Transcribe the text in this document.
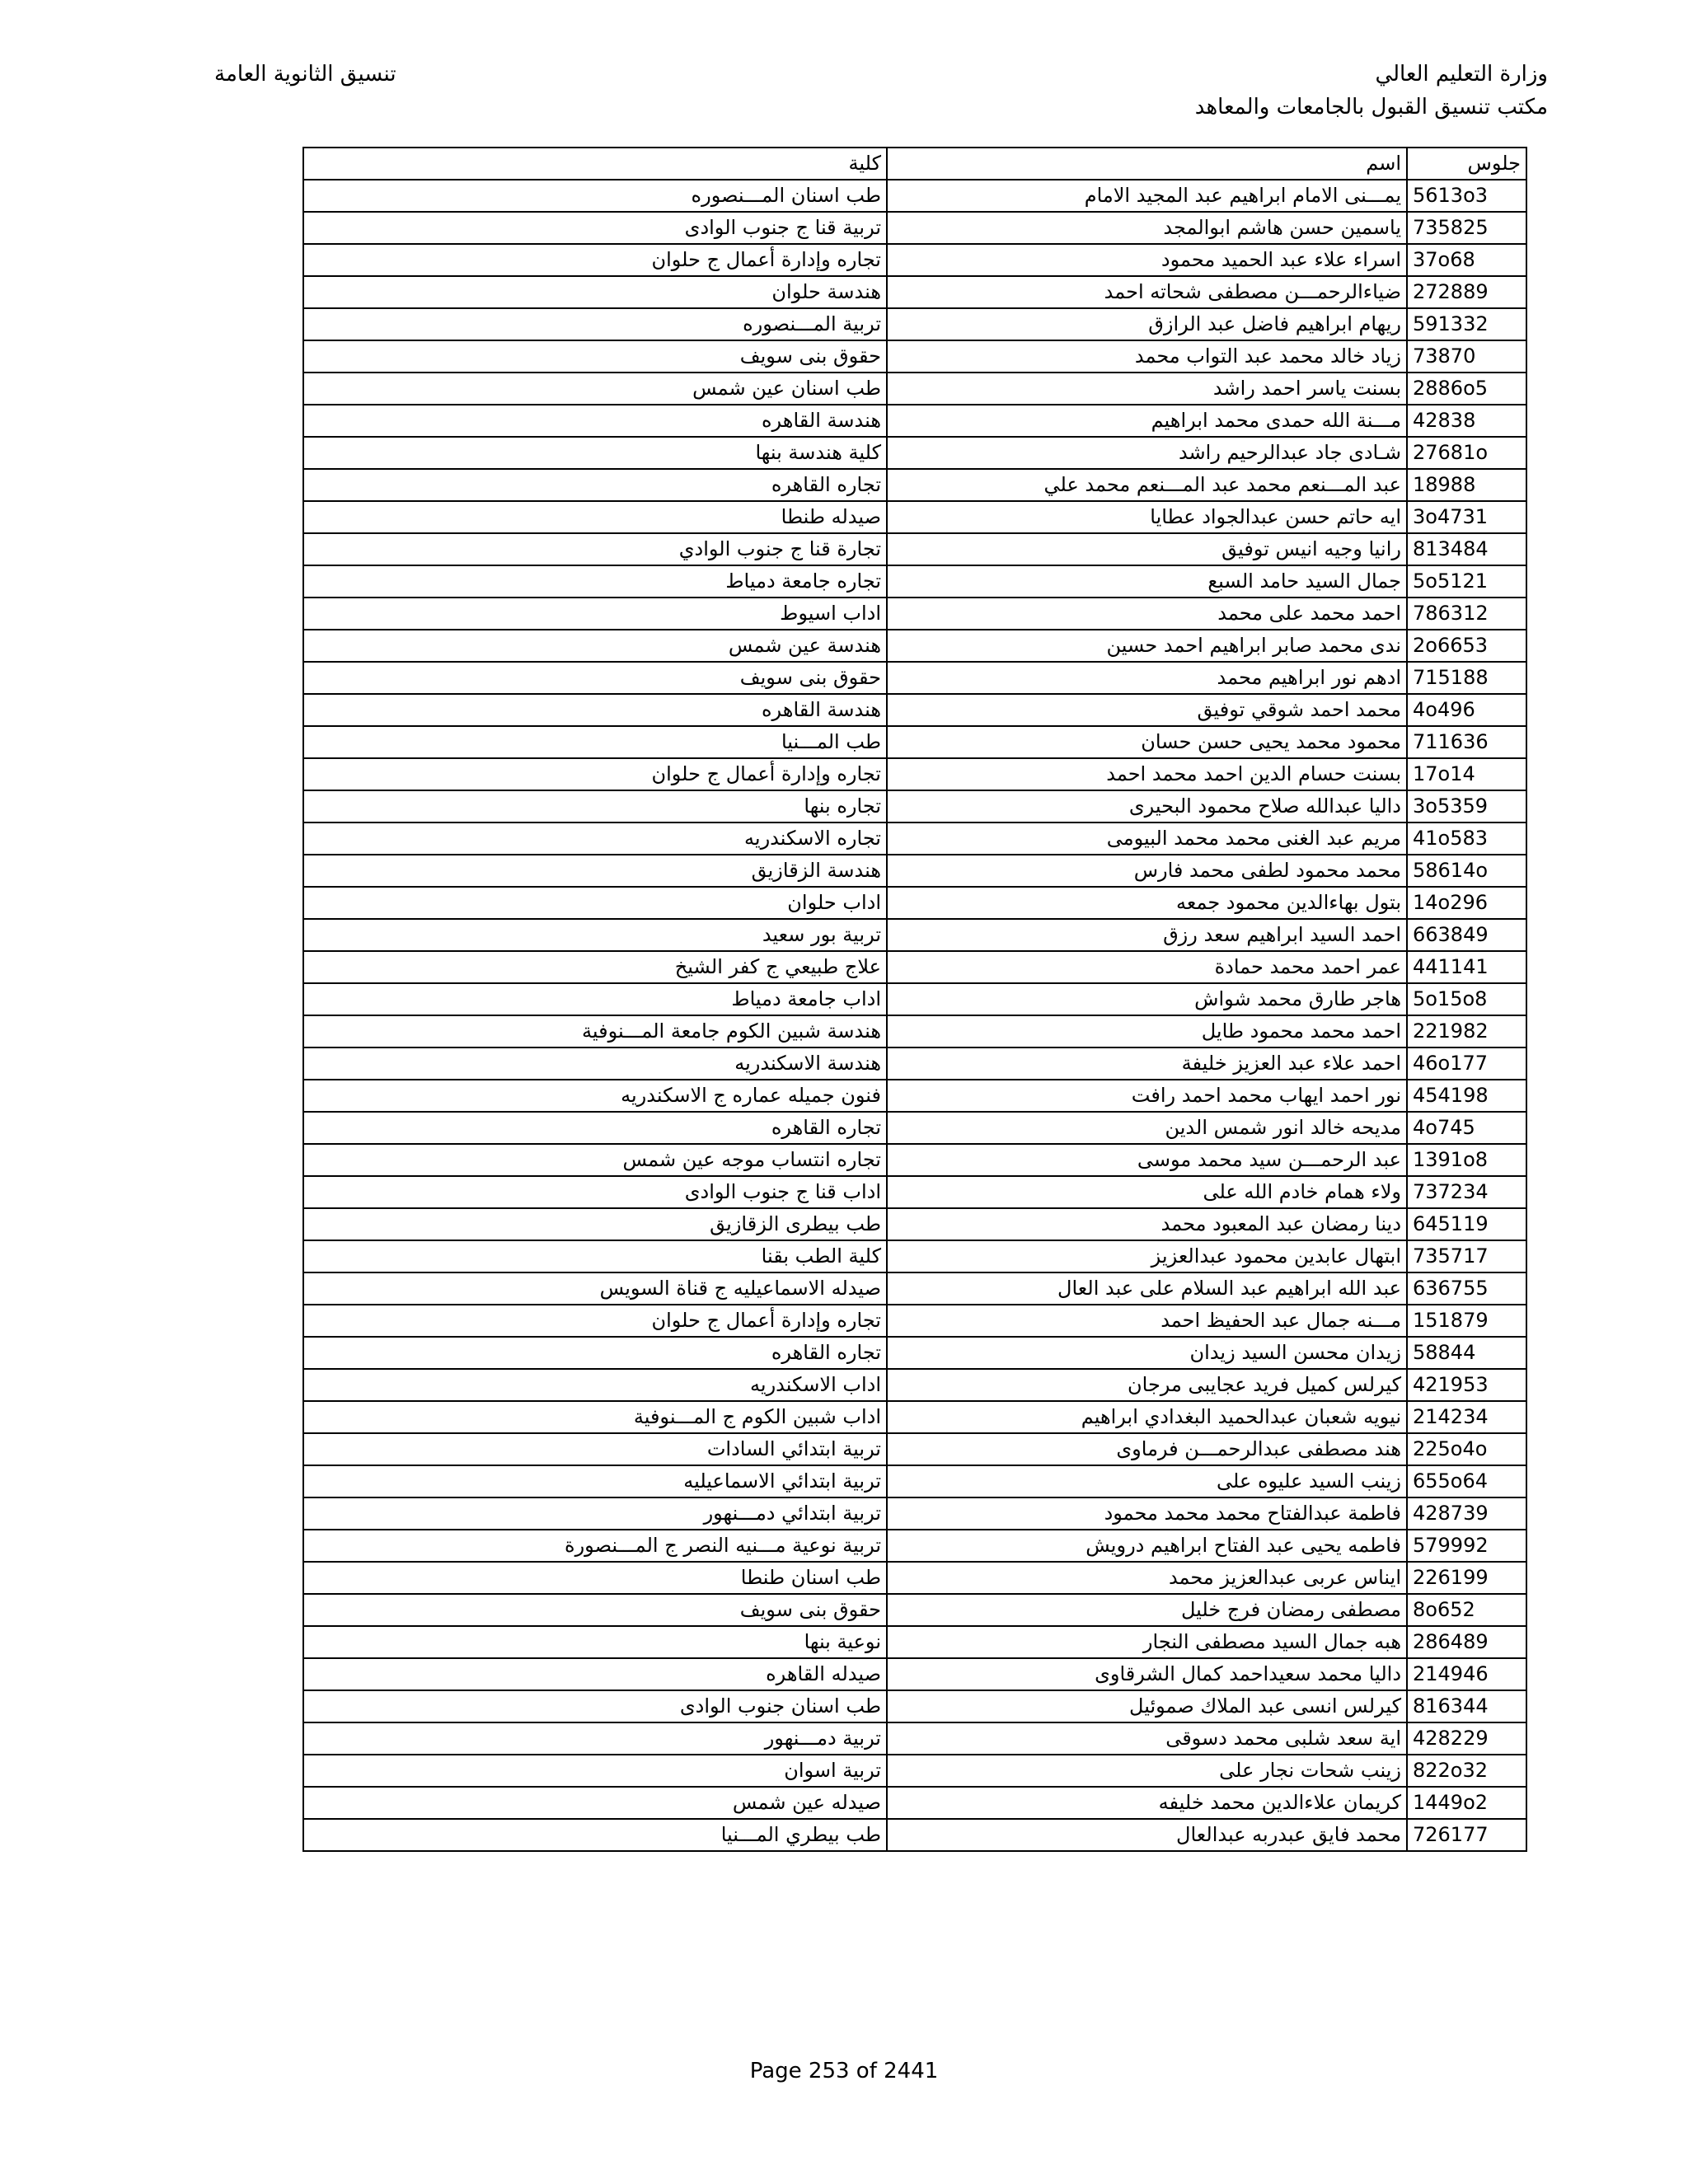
وزارة التعليم العالي
مكتب تنسيق القبول بالجامعات والمعاهد
تنسيق الثانوية العامة
جلوس	اسم	كلية
5613o3	يمـــنى الامام ابراهيم عبد المجيد الامام	طب اسنان المـــنصوره
735825	ياسمين حسن هاشم ابوالمجد	تربية قنا ج جنوب الوادى
37o68	اسراء علاء عبد الحميد محمود	تجاره وإدارة أعمال ج حلوان
272889	ضياءالرحمـــن مصطفى شحاته احمد	هندسة حلوان
591332	ريهام ابراهيم فاضل عبد الرازق	تربية المـــنصوره
73870	زياد خالد محمد عبد التواب محمد	حقوق بنى سويف
2886o5	بسنت ياسر احمد راشد	طب اسنان عين شمس
42838	مـــنة الله حمدى محمد ابراهيم	هندسة القاهره
27681o	شـادى جاد عبدالرحيم راشد	كلية هندسة بنها
18988	عبد المـــنعم محمد عبد المـــنعم محمد علي	تجاره القاهره
3o4731	ايه حاتم حسن عبدالجواد عطايا	صيدله طنطا
813484	رانيا وجيه انيس توفيق	تجارة قنا ج جنوب الوادي
5o5121	جمال السيد حامد السبع	تجاره جامعة دمياط
786312	احمد محمد على محمد	اداب اسيوط
2o6653	ندى محمد صابر ابراهيم احمد حسين	هندسة عين شمس
715188	ادهم نور ابراهيم محمد	حقوق بنى سويف
4o496	محمد احمد شوقي توفيق	هندسة القاهره
711636	محمود محمد يحيى حسن حسان	طب المـــنيا
17o14	بسنت حسام الدين احمد محمد احمد	تجاره وإدارة أعمال ج حلوان
3o5359	داليا عبدالله صلاح محمود البحيرى	تجاره بنها
41o583	مريم عبد الغنى محمد محمد البيومى	تجاره الاسكندريه
58614o	محمد محمود لطفى محمد فارس	هندسة الزقازيق
14o296	بتول بهاءالدين محمود جمعه	اداب حلوان
663849	احمد السيد ابراهيم سعد رزق	تربية بور سعيد
441141	عمر احمد محمد حمادة	علاج طبيعي ج كفر الشيخ
5o15o8	هاجر طارق محمد شواش	اداب جامعة دمياط
221982	احمد محمد محمود طايل	هندسة شبين الكوم جامعة المـــنوفية
46o177	احمد علاء عبد العزيز خليفة	هندسة الاسكندريه
454198	نور احمد ايهاب محمد احمد رافت	فنون جميله عماره ج الاسكندريه
4o745	مديحه خالد انور شمس الدين	تجاره القاهره
1391o8	عبد الرحمـــن سيد محمد موسى	تجاره انتساب موجه عين شمس
737234	ولاء همام خادم الله على	اداب قنا ج جنوب الوادى
645119	دينا رمضان عبد المعبود محمد	طب بيطرى الزقازيق
735717	ابتهال عابدين محمود عبدالعزيز	كلية الطب بقنا
636755	عبد الله ابراهيم عبد السلام على عبد العال	صيدله الاسماعيليه ج قناة السويس
151879	مـــنه جمال عبد الحفيظ احمد	تجاره وإدارة أعمال ج حلوان
58844	زيدان محسن السيد زيدان	تجاره القاهره
421953	كيرلس كميل فريد عجايبى مرجان	اداب الاسكندريه
214234	نيويه شعبان عبدالحميد البغدادي ابراهيم	اداب شبين الكوم ج المـــنوفية
225o4o	هند مصطفى عبدالرحمـــن فرماوى	تربية ابتدائي السادات
655o64	زينب السيد عليوه على	تربية ابتدائي الاسماعيليه
428739	فاطمة عبدالفتاح محمد محمد محمود	تربية ابتدائي دمـــنهور
579992	فاطمه يحيى عبد الفتاح ابراهيم درويش	تربية نوعية مـــنيه النصر ج المـــنصورة
226199	ايناس عربى عبدالعزيز محمد	طب اسنان طنطا
8o652	مصطفى رمضان فرج خليل	حقوق بنى سويف
286489	هبه جمال السيد مصطفى النجار	نوعية بنها
214946	داليا محمد سعيداحمد كمال الشرقاوى	صيدله القاهره
816344	كيرلس انسى عبد الملاك صموئيل	طب اسنان جنوب الوادى
428229	اية سعد شلبى محمد دسوقى	تربية دمـــنهور
822o32	زينب شحات نجار على	تربية اسوان
1449o2	كريمان علاءالدين محمد خليفه	صيدله عين شمس
726177	محمد فايق عبدربه عبدالعال	طب بيطري المـــنيا
Page 253 of 2441
